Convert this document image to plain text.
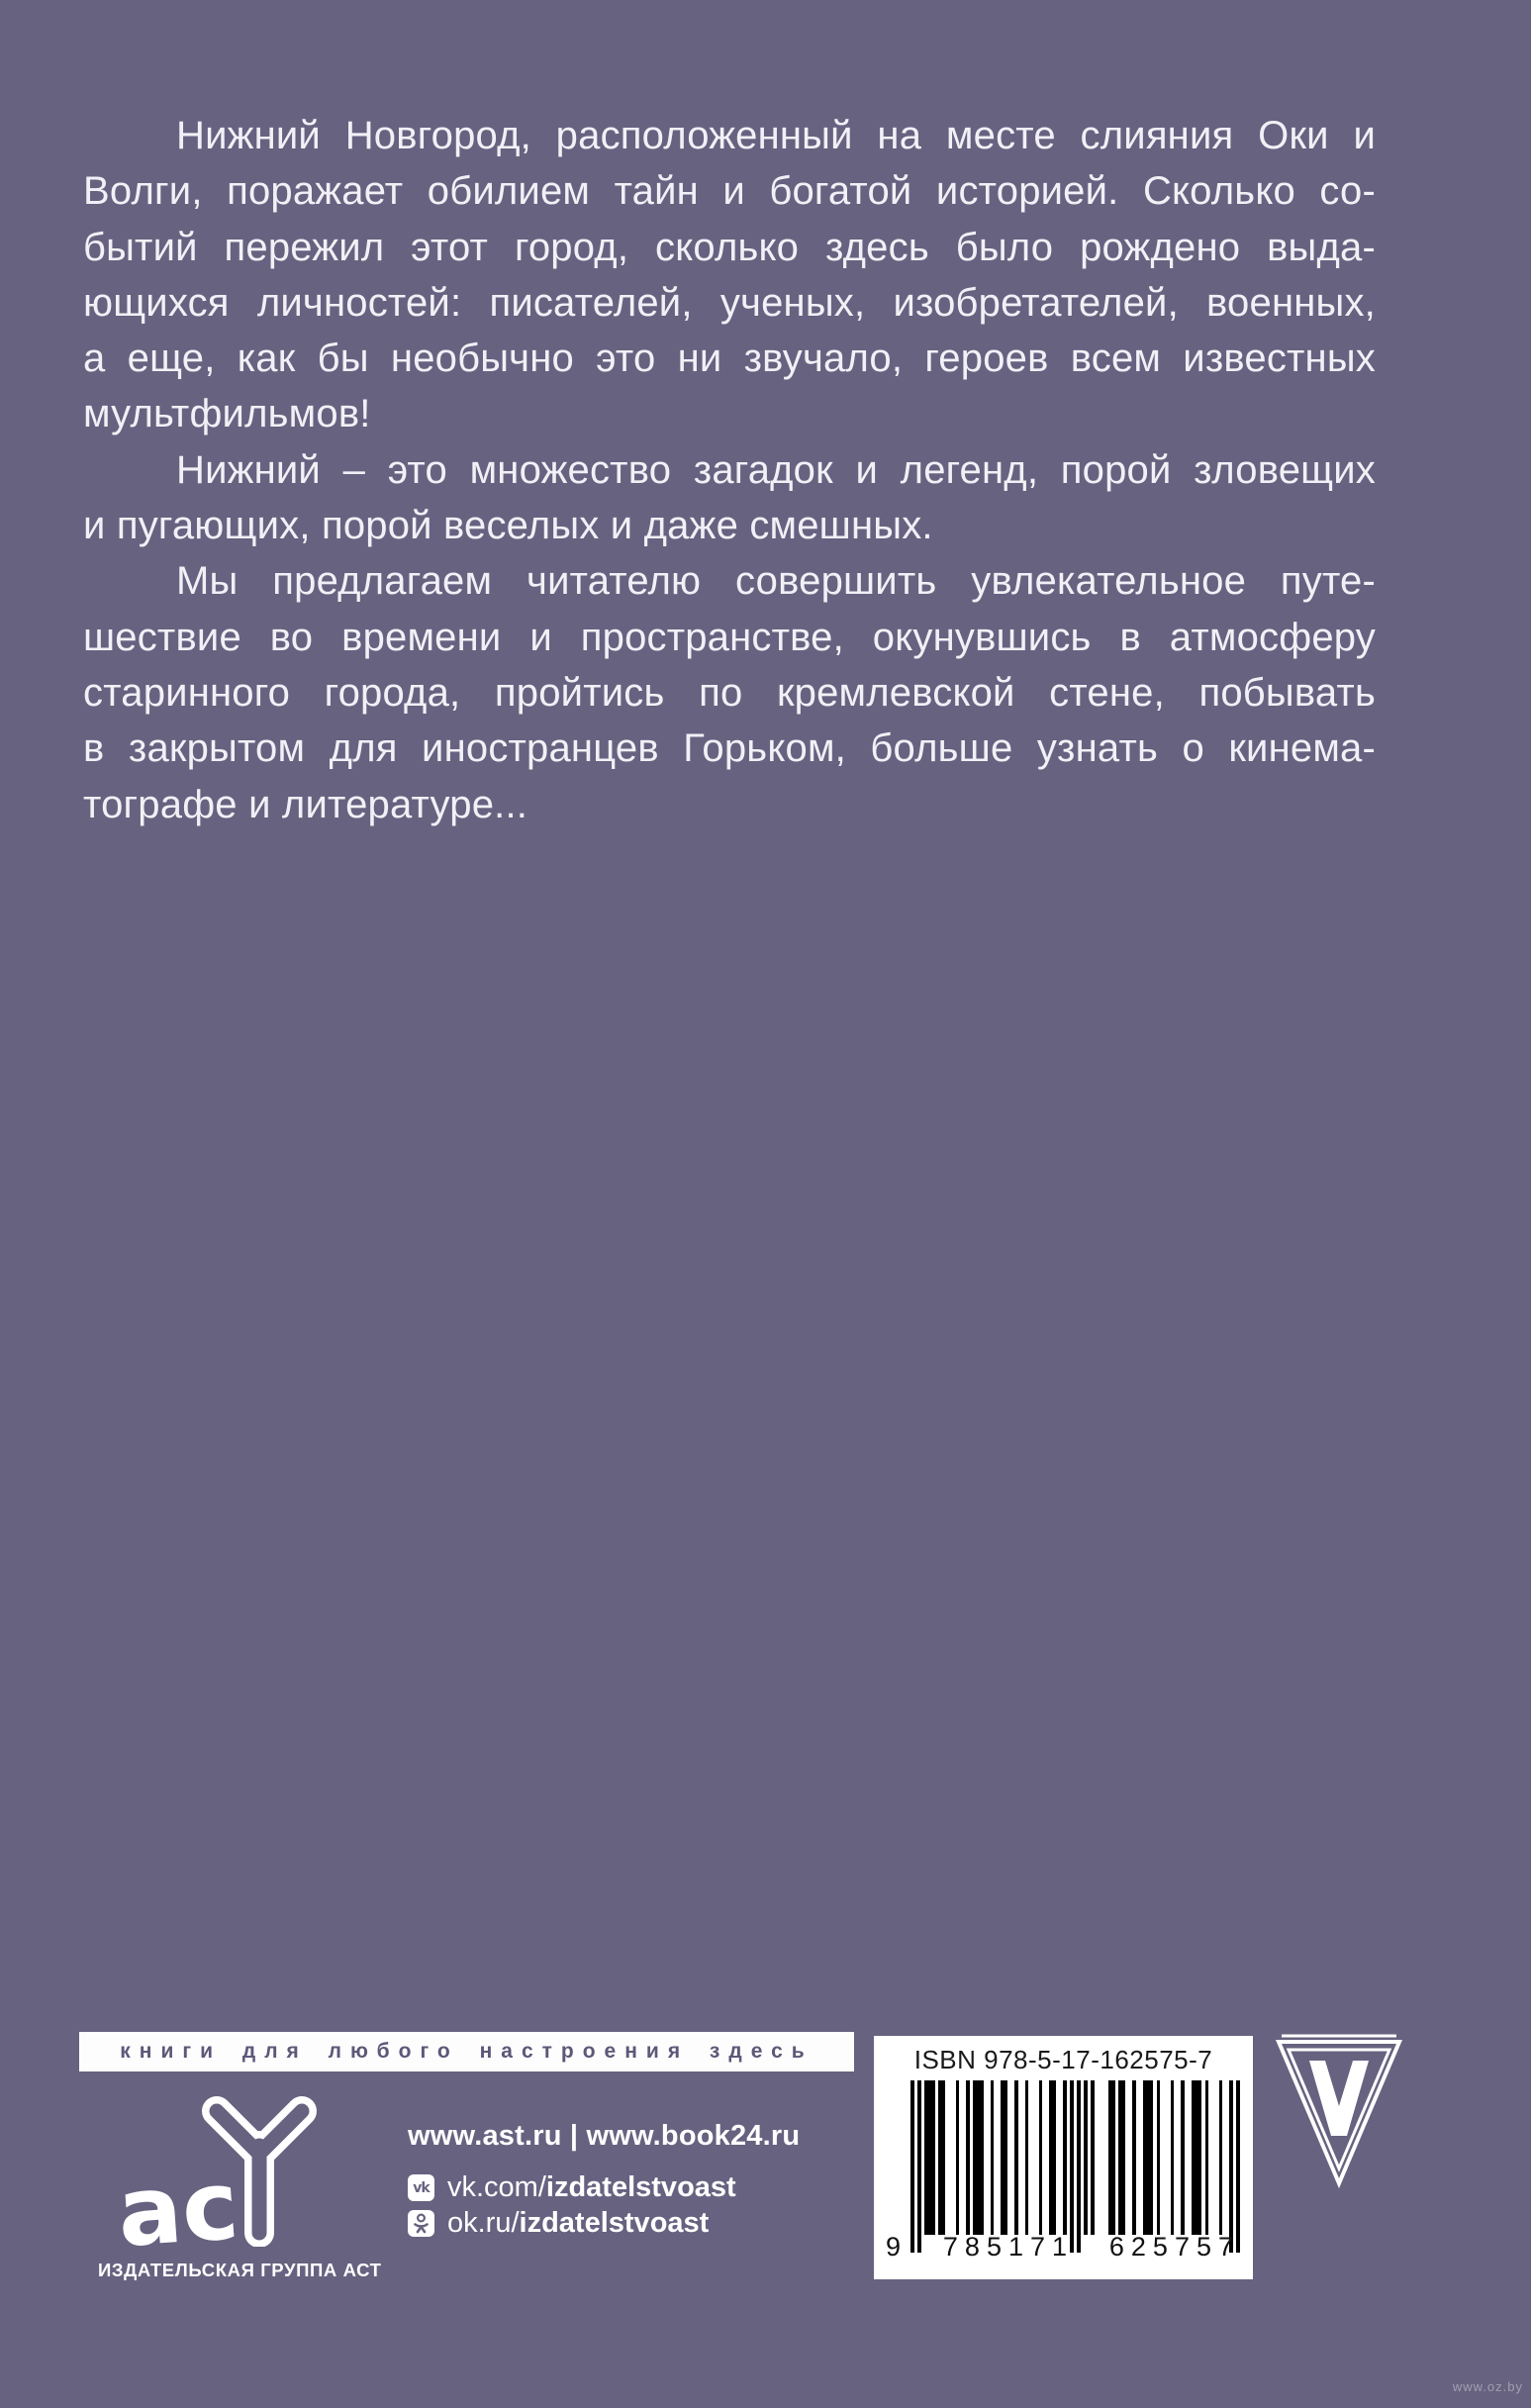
Нижний Новгород, расположенный на месте слияния Оки и
Волги, поражает обилием тайн и богатой историей. Сколько со-
бытий пережил этот город, сколько здесь было рождено выда-
ющихся личностей: писателей, ученых, изобретателей, военных,
а еще, как бы необычно это ни звучало, героев всем известных
мультфильмов!
Нижний – это множество загадок и легенд, порой зловещих
и пугающих, порой веселых и даже смешных.
Мы предлагаем читателю совершить увлекательное путе-
шествие во времени и пространстве, окунувшись в атмосферу
старинного города, пройтись по кремлевской стене, побывать
в закрытом для иностранцев Горьком, больше узнать о кинема-
тографе и литературе...
книги для любого настроения здесь
ас
ИЗДАТЕЛЬСКАЯ ГРУППА АСТ
www.ast.ru | www.book24.ru
vk vk.com/izdatelstvoast
ok.ru/izdatelstvoast
ISBN 978-5-17-162575-7
9 785171 625757
www.oz.by
